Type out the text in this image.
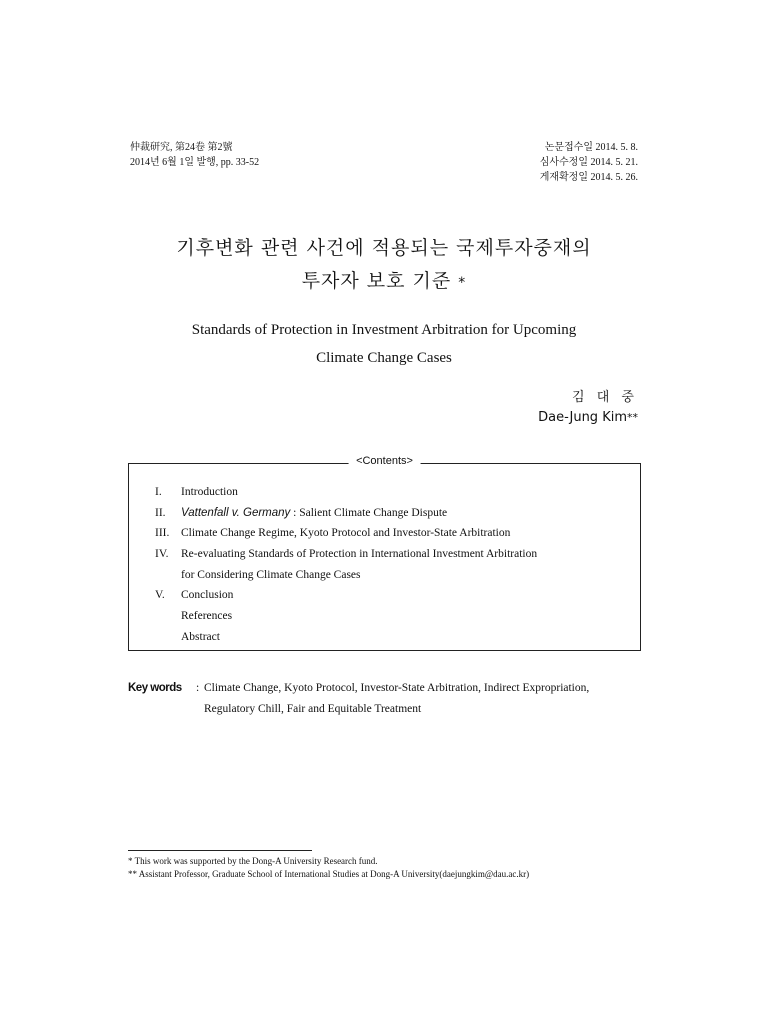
仲裁研究, 第24卷 第2號
2014년 6월 1일 발행, pp. 33-52
논문접수일 2014. 5. 8.
심사수정일 2014. 5. 21.
게재확정일 2014. 5. 26.
기후변화 관련 사건에 적용되는 국제투자중재의
투자자 보호 기준 *
Standards of Protection in Investment Arbitration for Upcoming
Climate Change Cases
김 대 중
Dae-Jung Kim**
<Contents>
I.	Introduction
II.	Vattenfall v. Germany : Salient Climate Change Dispute
III.	Climate Change Regime, Kyoto Protocol and Investor-State Arbitration
IV.	Re-evaluating Standards of Protection in International Investment Arbitration
for Considering Climate Change Cases
V.	Conclusion
References
Abstract
Key words : Climate Change, Kyoto Protocol, Investor-State Arbitration, Indirect Expropriation,
Regulatory Chill, Fair and Equitable Treatment
* This work was supported by the Dong-A University Research fund.
** Assistant Professor, Graduate School of International Studies at Dong-A University(daejungkim@dau.ac.kr)
